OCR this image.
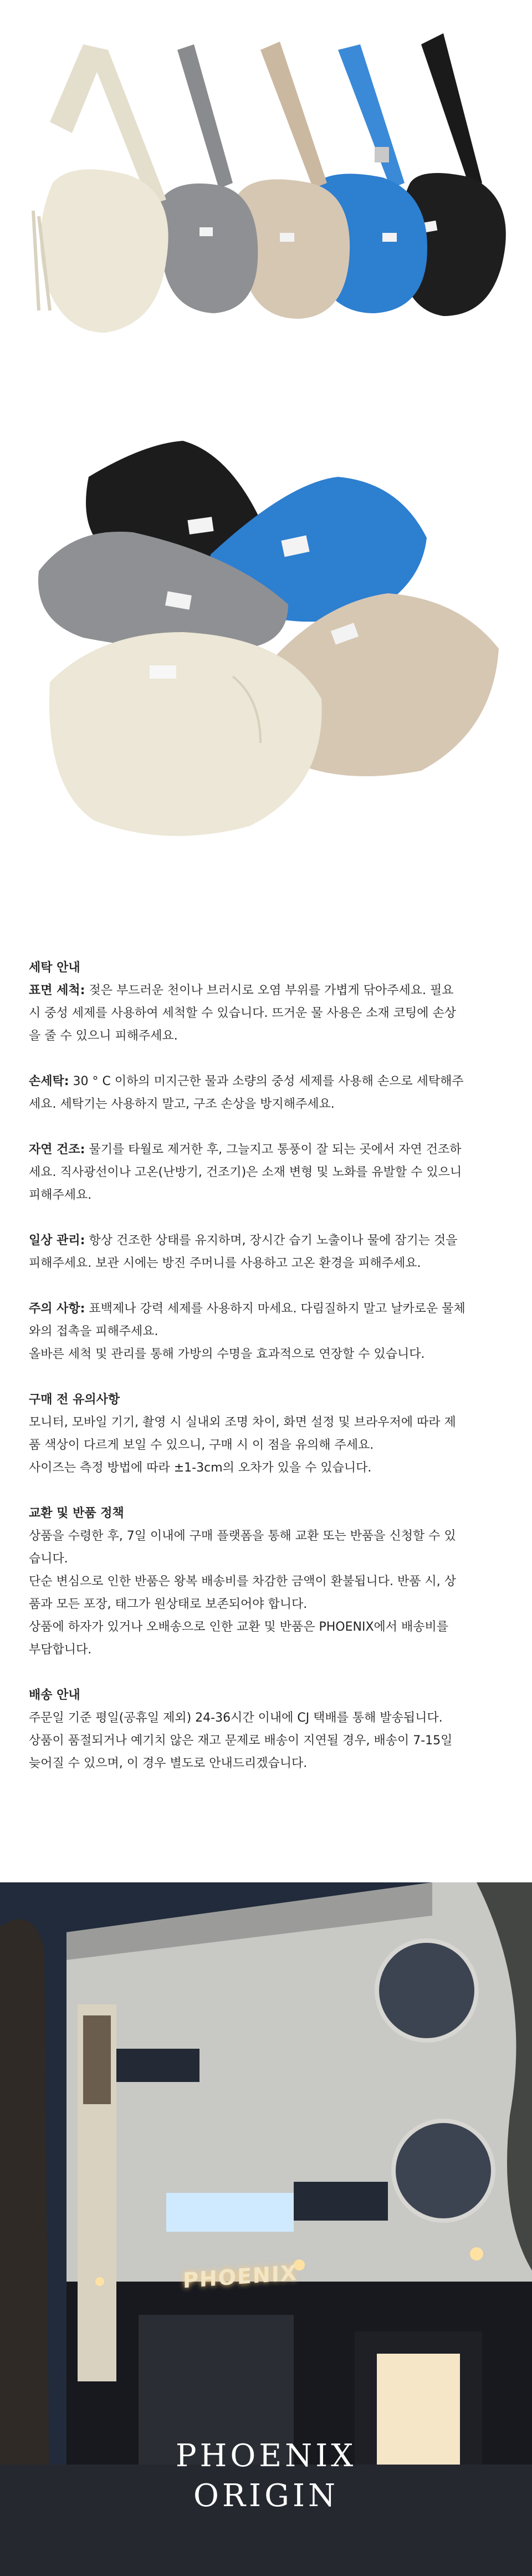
세탁 안내

표면 세척: 젖은 부드러운 천이나 브러시로 오염 부위를 가볍게 닦아주세요. 필요
시 중성 세제를 사용하여 세척할 수 있습니다. 뜨거운 물 사용은 소재 코팅에 손상
을 줄 수 있으니 피해주세요.

손세탁: 30 ° C 이하의 미지근한 물과 소량의 중성 세제를 사용해 손으로 세탁해주
세요. 세탁기는 사용하지 말고, 구조 손상을 방지해주세요.

자연 건조: 물기를 타월로 제거한 후, 그늘지고 통풍이 잘 되는 곳에서 자연 건조하
세요. 직사광선이나 고온(난방기, 건조기)은 소재 변형 및 노화를 유발할 수 있으니
피해주세요.

일상 관리: 항상 건조한 상태를 유지하며, 장시간 습기 노출이나 물에 잠기는 것을
피해주세요. 보관 시에는 방진 주머니를 사용하고 고온 환경을 피해주세요.

주의 사항: 표백제나 강력 세제를 사용하지 마세요. 다림질하지 말고 날카로운 물체
와의 접촉을 피해주세요.
올바른 세척 및 관리를 통해 가방의 수명을 효과적으로 연장할 수 있습니다.

구매 전 유의사항

모니터, 모바일 기기, 촬영 시 실내외 조명 차이, 화면 설정 및 브라우저에 따라 제
품 색상이 다르게 보일 수 있으니, 구매 시 이 점을 유의해 주세요.
사이즈는 측정 방법에 따라 ±1-3cm의 오차가 있을 수 있습니다.

교환 및 반품 정책

상품을 수령한 후, 7일 이내에 구매 플랫폼을 통해 교환 또는 반품을 신청할 수 있
습니다.
단순 변심으로 인한 반품은 왕복 배송비를 차감한 금액이 환불됩니다. 반품 시, 상
품과 모든 포장, 태그가 원상태로 보존되어야 합니다.
상품에 하자가 있거나 오배송으로 인한 교환 및 반품은 PHOENIX에서 배송비를
부담합니다.

배송 안내

주문일 기준 평일(공휴일 제외) 24-36시간 이내에 CJ 택배를 통해 발송됩니다.
상품이 품절되거나 예기치 않은 재고 문제로 배송이 지연될 경우, 배송이 7-15일
늦어질 수 있으며, 이 경우 별도로 안내드리겠습니다.

PHOENIX
PHOENIX
ORIGIN
